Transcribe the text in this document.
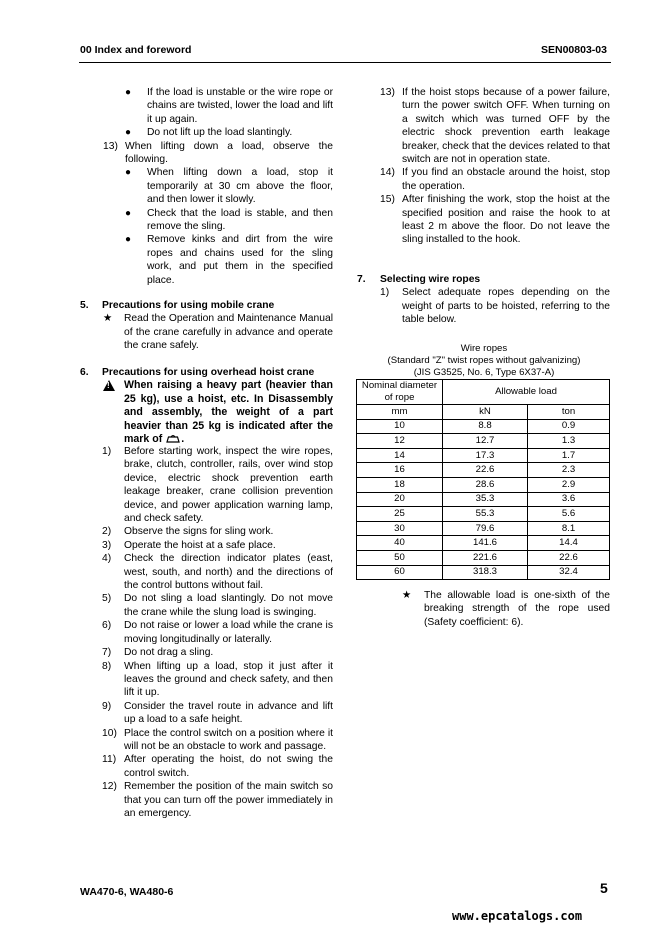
00 Index and foreword	SEN00803-03
● If the load is unstable or the wire rope or chains are twisted, lower the load and lift it up again.
● Do not lift up the load slantingly.
13) When lifting down a load, observe the following.
● When lifting down a load, stop it temporarily at 30 cm above the floor, and then lower it slowly.
● Check that the load is stable, and then remove the sling.
● Remove kinks and dirt from the wire ropes and chains used for the sling work, and put them in the specified place.
5. Precautions for using mobile crane
★ Read the Operation and Maintenance Manual of the crane carefully in advance and operate the crane safely.
6. Precautions for using overhead hoist crane
!
When raising a heavy part (heavier than 25 kg), use a hoist, etc. In Disassembly and assembly, the weight of a part heavier than 25 kg is indicated after the mark of .
1) Before starting work, inspect the wire ropes, brake, clutch, controller, rails, over wind stop device, electric shock prevention earth leakage breaker, crane collision prevention device, and power application warning lamp, and check safety.
2) Observe the signs for sling work.
3) Operate the hoist at a safe place.
4) Check the direction indicator plates (east, west, south, and north) and the directions of the control buttons without fail.
5) Do not sling a load slantingly. Do not move the crane while the slung load is swinging.
6) Do not raise or lower a load while the crane is moving longitudinally or laterally.
7) Do not drag a sling.
8) When lifting up a load, stop it just after it leaves the ground and check safety, and then lift it up.
9) Consider the travel route in advance and lift up a load to a safe height.
10) Place the control switch on a position where it will not be an obstacle to work and passage.
11) After operating the hoist, do not swing the control switch.
12) Remember the position of the main switch so that you can turn off the power immediately in an emergency.
13) If the hoist stops because of a power failure, turn the power switch OFF. When turning on a switch which was turned OFF by the electric shock prevention earth leakage breaker, check that the devices related to that switch are not in operation state.
14) If you find an obstacle around the hoist, stop the operation.
15) After finishing the work, stop the hoist at the specified position and raise the hook to at least 2 m above the floor. Do not leave the sling installed to the hook.
7. Selecting wire ropes
1) Select adequate ropes depending on the weight of parts to be hoisted, referring to the table below.
Wire ropes
(Standard "Z" twist ropes without galvanizing)
(JIS G3525, No. 6, Type 6X37-A)
Nominal diameter of rope	Allowable load	
mm	kN	ton
10	8.8	0.9
12	12.7	1.3
14	17.3	1.7
16	22.6	2.3
18	28.6	2.9
20	35.3	3.6
25	55.3	5.6
30	79.6	8.1
40	141.6	14.4
50	221.6	22.6
60	318.3	32.4
★ The allowable load is one-sixth of the breaking strength of the rope used (Safety coefficient: 6).
WA470-6, WA480-6	5
www.epcatalogs.com
